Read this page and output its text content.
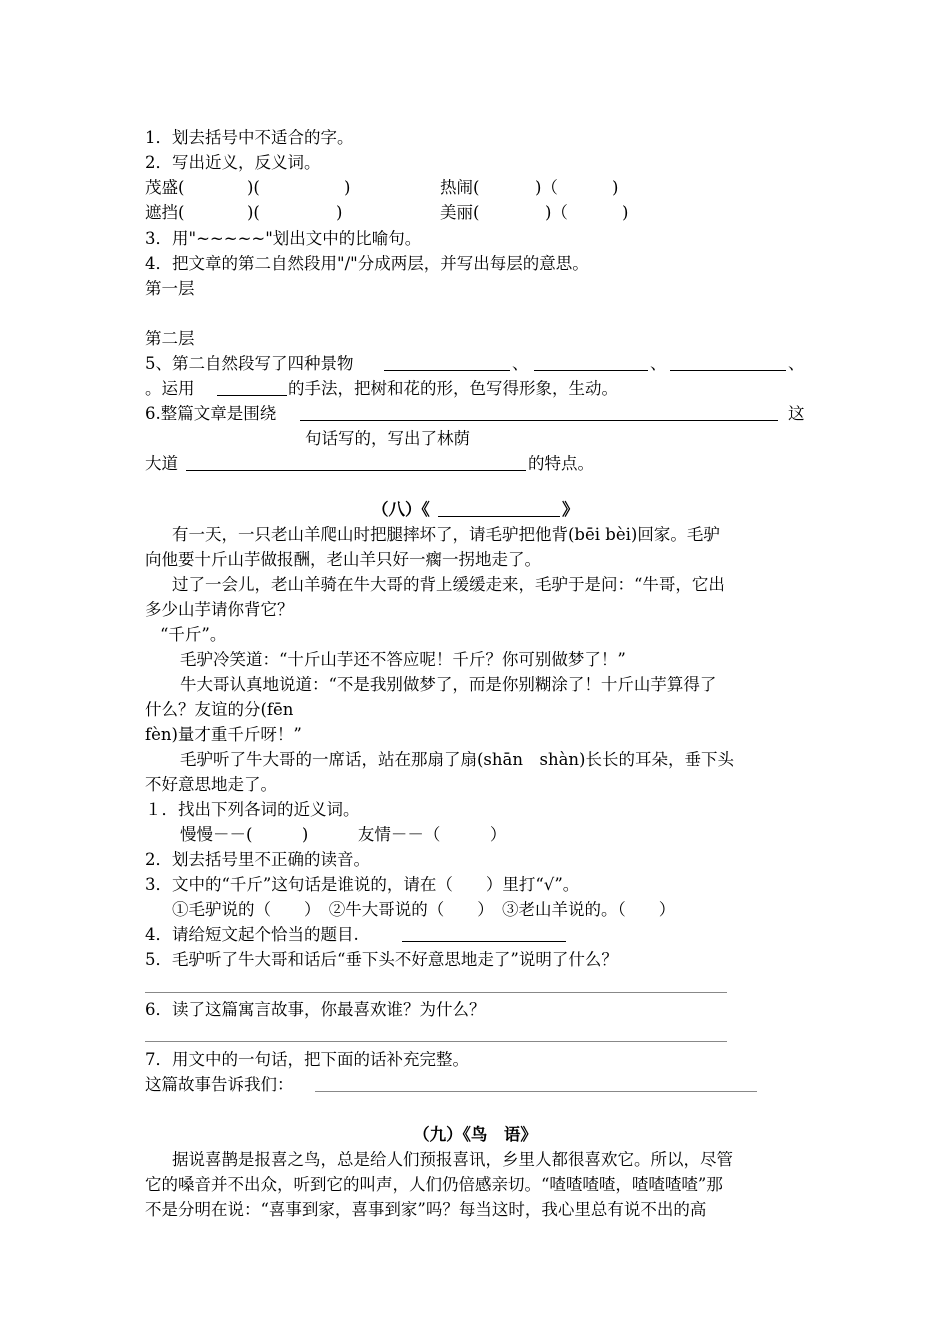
1．划去括号中不适合的字。
2．写出近义，反义词。
茂盛(	)(	)	热闹(	)（	)
遮挡(	)(	)	美丽(	)（	)
3．用"~~~~~"划出文中的比喻句。
4．把文章的第二自然段用"/"分成两层，并写出每层的意思。
第一层
第二层
5、第二自然段写了四种景物	、	、	、
。运用	的手法，把树和花的形，色写得形象，生动。
6.整篇文章是围绕	这
句话写的，写出了林荫
大道	的特点。
（八）《	》
有一天，一只老山羊爬山时把腿摔坏了，请毛驴把他背(bēi bèi)回家。毛驴
向他要十斤山芋做报酬，老山羊只好一瘸一拐地走了。
过了一会儿，老山羊骑在牛大哥的背上缓缓走来，毛驴于是问：“牛哥，它出
多少山芋请你背它？
“千斤”。
毛驴冷笑道：“十斤山芋还不答应呢！千斤？你可别做梦了！”
牛大哥认真地说道：“不是我别做梦了，而是你别糊涂了！十斤山芋算得了
什么？友谊的分(fēn
fèn)量才重千斤呀！”
毛驴听了牛大哥的一席话，站在那扇了扇(shān　shàn)长长的耳朵，垂下头
不好意思地走了。
１．找出下列各词的近义词。
慢慢－－(　　　)　　　友情－－（　　　）
2．划去括号里不正确的读音。
3．文中的“千斤”这句话是谁说的，请在（　　）里打“√”。
①毛驴说的（　　）　②牛大哥说的（　　）　③老山羊说的。（　　）
4．请给短文起个恰当的题目.
5．毛驴听了牛大哥和话后“垂下头不好意思地走了”说明了什么？
6．读了这篇寓言故事，你最喜欢谁？为什么？
7．用文中的一句话，把下面的话补充完整。
这篇故事告诉我们：
（九）《鸟　语》
据说喜鹊是报喜之鸟，总是给人们预报喜讯，乡里人都很喜欢它。所以，尽管
它的嗓音并不出众，听到它的叫声，人们仍倍感亲切。“喳喳喳喳，喳喳喳喳”那
不是分明在说：“喜事到家，喜事到家”吗？每当这时，我心里总有说不出的高
